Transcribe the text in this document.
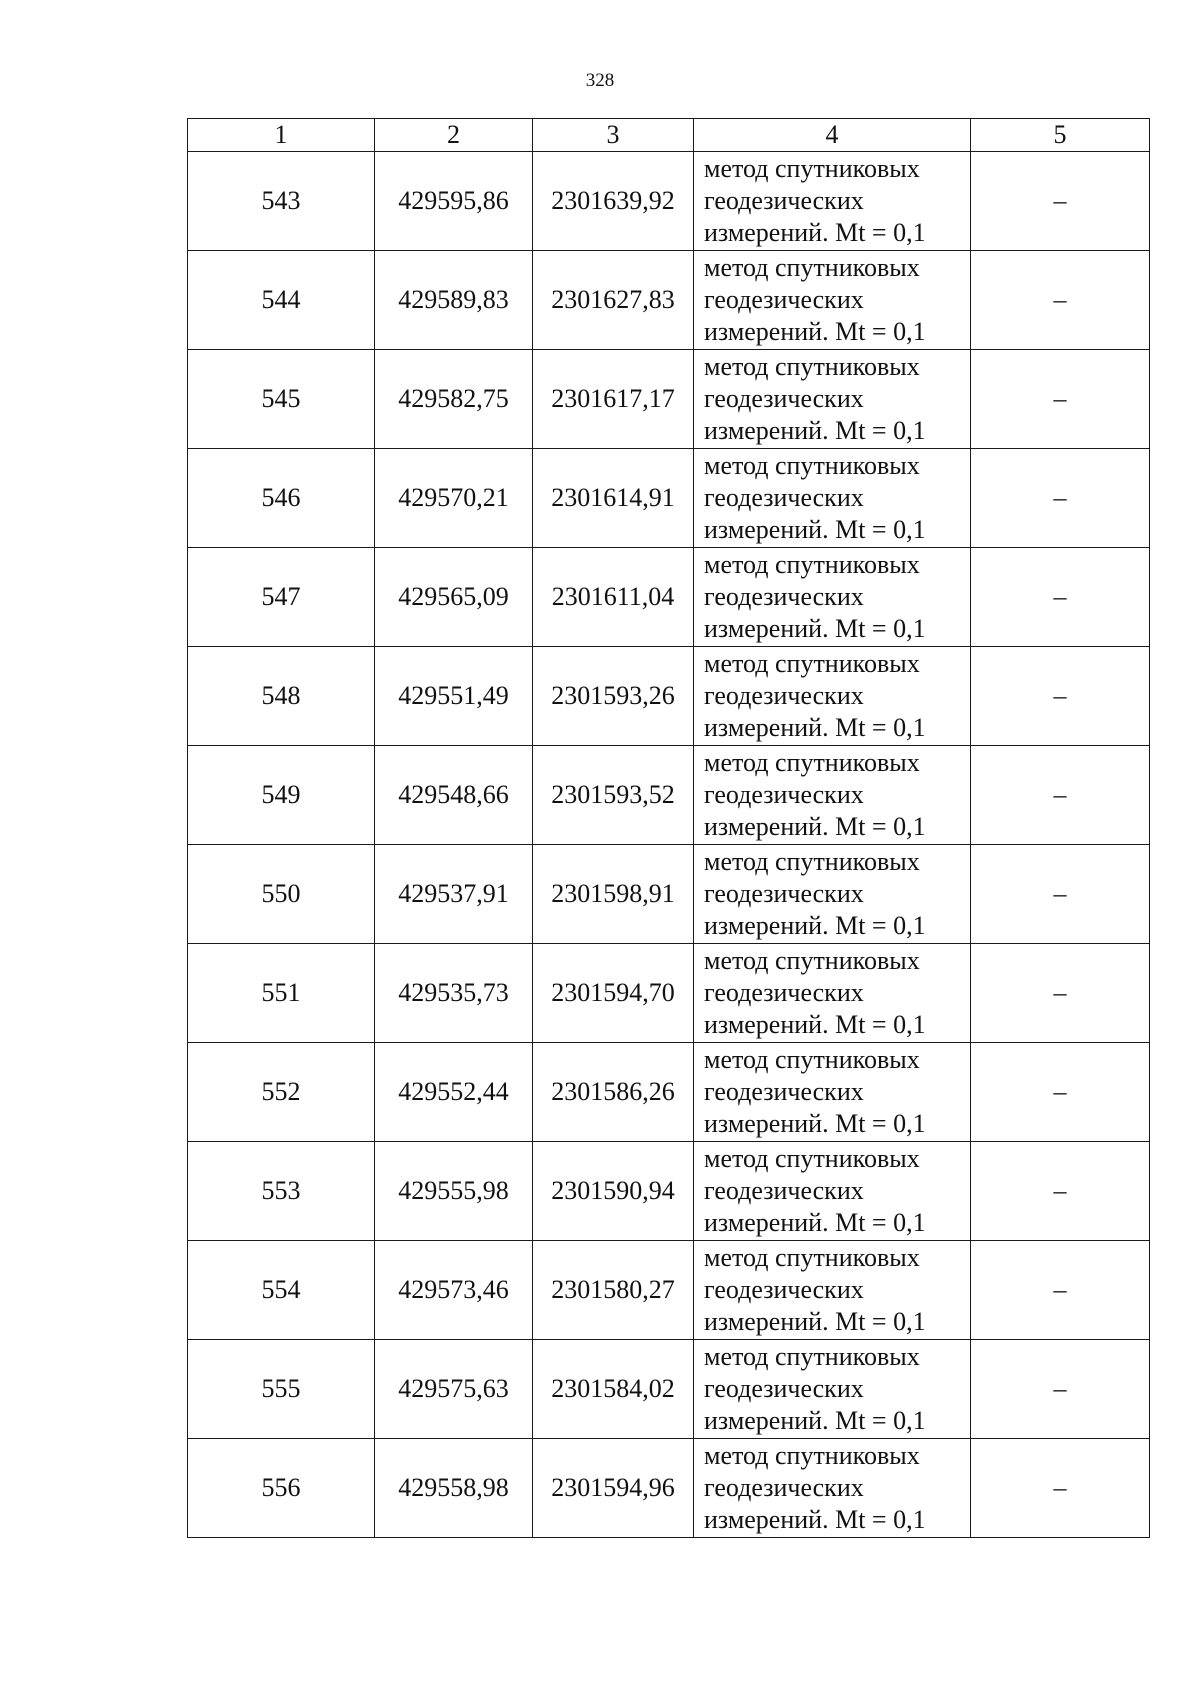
328
1	2	3	4	5
543	429595,86	2301639,92	метод спутниковых
геодезических
измерений. Mt = 0,1	–
544	429589,83	2301627,83	метод спутниковых
геодезических
измерений. Mt = 0,1	–
545	429582,75	2301617,17	метод спутниковых
геодезических
измерений. Mt = 0,1	–
546	429570,21	2301614,91	метод спутниковых
геодезических
измерений. Mt = 0,1	–
547	429565,09	2301611,04	метод спутниковых
геодезических
измерений. Mt = 0,1	–
548	429551,49	2301593,26	метод спутниковых
геодезических
измерений. Mt = 0,1	–
549	429548,66	2301593,52	метод спутниковых
геодезических
измерений. Mt = 0,1	–
550	429537,91	2301598,91	метод спутниковых
геодезических
измерений. Mt = 0,1	–
551	429535,73	2301594,70	метод спутниковых
геодезических
измерений. Mt = 0,1	–
552	429552,44	2301586,26	метод спутниковых
геодезических
измерений. Mt = 0,1	–
553	429555,98	2301590,94	метод спутниковых
геодезических
измерений. Mt = 0,1	–
554	429573,46	2301580,27	метод спутниковых
геодезических
измерений. Mt = 0,1	–
555	429575,63	2301584,02	метод спутниковых
геодезических
измерений. Mt = 0,1	–
556	429558,98	2301594,96	метод спутниковых
геодезических
измерений. Mt = 0,1	–
